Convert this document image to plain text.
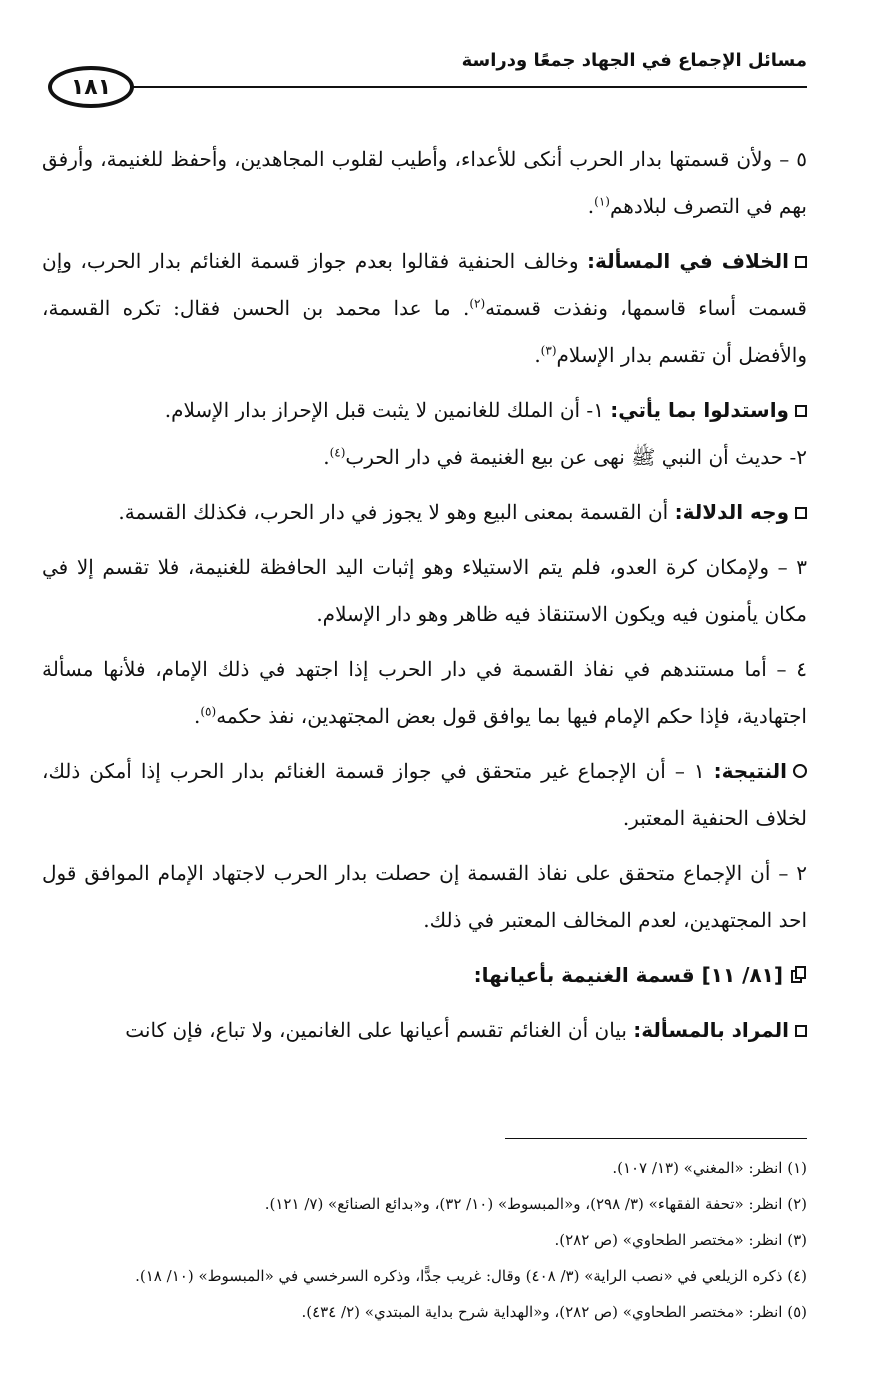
مسائل الإجماع في الجهاد جمعًا ودراسة
١٨١

٥ – ولأن قسمتها بدار الحرب أنكى للأعداء، وأطيب لقلوب المجاهدين، وأحفظ للغنيمة، وأرفق بهم في التصرف لبلادهم$^{(١)}$.

الخلاف في المسألة: وخالف الحنفية فقالوا بعدم جواز قسمة الغنائم بدار الحرب، وإن قسمت أساء قاسمها، ونفذت قسمته$^{(٢)}$. ما عدا محمد بن الحسن فقال: تكره القسمة، والأفضل أن تقسم بدار الإسلام$^{(٣)}$.

واستدلوا بما يأتي: ١- أن الملك للغانمين لا يثبت قبل الإحراز بدار الإسلام.

٢- حديث أن النبي ﷺ نهى عن بيع الغنيمة في دار الحرب$^{(٤)}$.

وجه الدلالة: أن القسمة بمعنى البيع وهو لا يجوز في دار الحرب، فكذلك القسمة.

٣ – ولإمكان كرة العدو، فلم يتم الاستيلاء وهو إثبات اليد الحافظة للغنيمة، فلا تقسم إلا في مكان يأمنون فيه ويكون الاستنقاذ فيه ظاهر وهو دار الإسلام.

٤ – أما مستندهم في نفاذ القسمة في دار الحرب إذا اجتهد في ذلك الإمام، فلأنها مسألة اجتهادية، فإذا حكم الإمام فيها بما يوافق قول بعض المجتهدين، نفذ حكمه$^{(٥)}$.

النتيجة: ١ – أن الإجماع غير متحقق في جواز قسمة الغنائم بدار الحرب إذا أمكن ذلك، لخلاف الحنفية المعتبر.

٢ – أن الإجماع متحقق على نفاذ القسمة إن حصلت بدار الحرب لاجتهاد الإمام الموافق قول احد المجتهدين، لعدم المخالف المعتبر في ذلك.

[٨١/ ١١] قسمة الغنيمة بأعيانها:

المراد بالمسألة: بيان أن الغنائم تقسم أعيانها على الغانمين، ولا تباع، فإن كانت

(١) انظر: «المغني» (١٣/ ١٠٧).
(٢) انظر: «تحفة الفقهاء» (٣/ ٢٩٨)، و«المبسوط» (١٠/ ٣٢)، و«بدائع الصنائع» (٧/ ١٢١).
(٣) انظر: «مختصر الطحاوي» (ص ٢٨٢).
(٤) ذكره الزيلعي في «نصب الراية» (٣/ ٤٠٨) وقال: غريب جدًّا، وذكره السرخسي في «المبسوط» (١٠/ ١٨).
(٥) انظر: «مختصر الطحاوي» (ص ٢٨٢)، و«الهداية شرح بداية المبتدي» (٢/ ٤٣٤).
